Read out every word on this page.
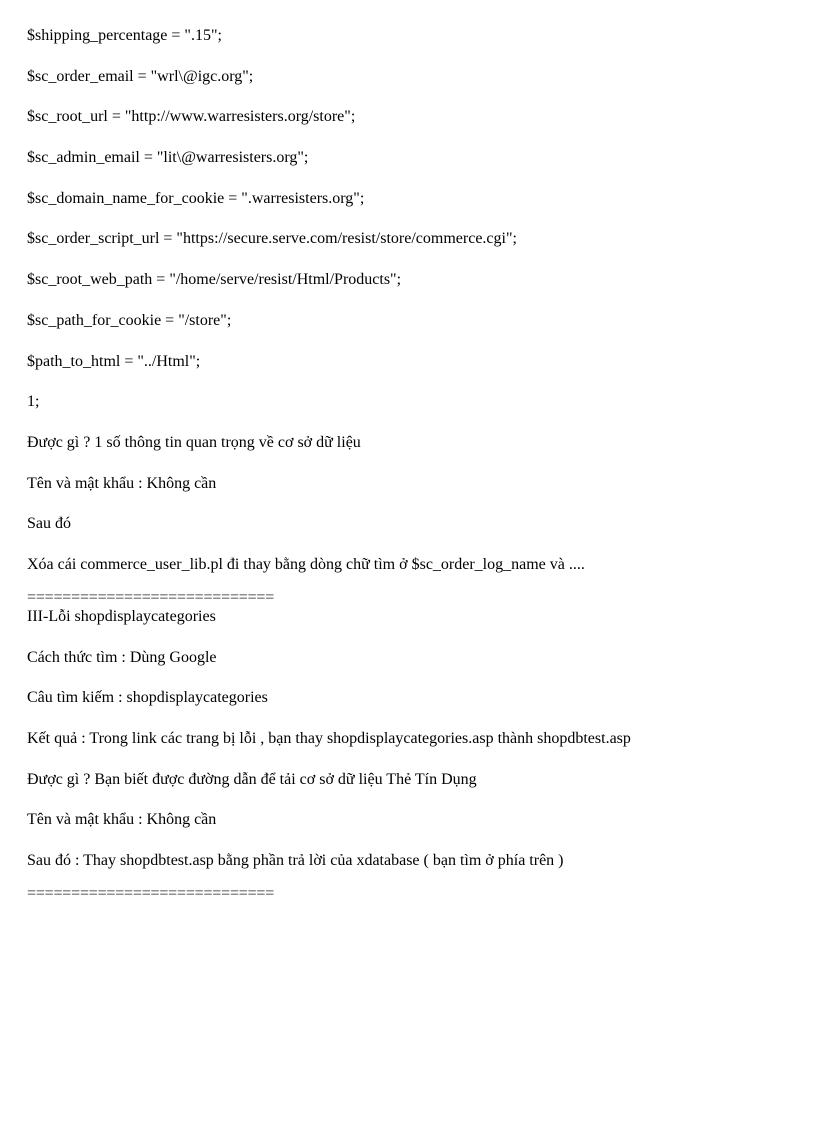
$shipping_percentage = ".15";
$sc_order_email = "wrl\@igc.org";
$sc_root_url = "http://www.warresisters.org/store";
$sc_admin_email = "lit\@warresisters.org";
$sc_domain_name_for_cookie = ".warresisters.org";
$sc_order_script_url = "https://secure.serve.com/resist/store/commerce.cgi";
$sc_root_web_path = "/home/serve/resist/Html/Products";
$sc_path_for_cookie = "/store";
$path_to_html = "../Html";
1;
Được gì ? 1 số thông tin quan trọng về cơ sở dữ liệu
Tên và mật khẩu : Không cần
Sau đó
Xóa cái commerce_user_lib.pl đi thay bằng dòng chữ tìm ở $sc_order_log_name và ....
============================
III-Lỗi shopdisplaycategories
Cách thức tìm : Dùng Google
Câu tìm kiếm : shopdisplaycategories
Kết quả : Trong link các trang bị lỗi , bạn thay shopdisplaycategories.asp thành shopdbtest.asp
Được gì ? Bạn biết được đường dẫn để tải cơ sở dữ liệu Thẻ Tín Dụng
Tên và mật khẩu : Không cần
Sau đó : Thay shopdbtest.asp bằng phần trả lời của xdatabase ( bạn tìm ở phía trên )
============================
